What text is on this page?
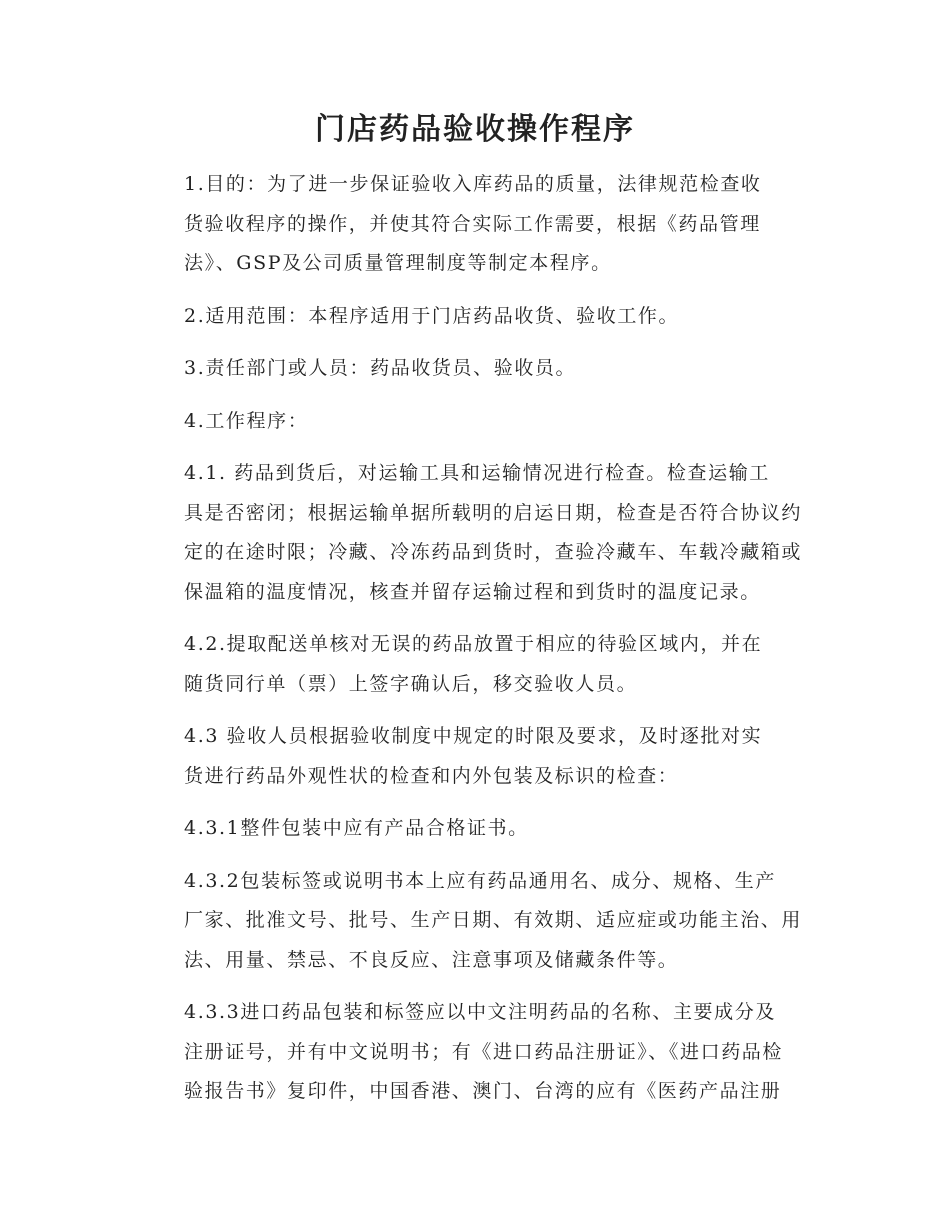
门店药品验收操作程序

1.目的：为了进一步保证验收入库药品的质量，法律规范检查收
货验收程序的操作，并使其符合实际工作需要，根据《药品管理
法》、GSP及公司质量管理制度等制定本程序。

2.适用范围：本程序适用于门店药品收货、验收工作。

3.责任部门或人员：药品收货员、验收员。

4.工作程序：

4.1. 药品到货后，对运输工具和运输情况进行检查。检查运输工
具是否密闭；根据运输单据所载明的启运日期，检查是否符合协议约
定的在途时限；冷藏、冷冻药品到货时，查验冷藏车、车载冷藏箱或
保温箱的温度情况，核查并留存运输过程和到货时的温度记录。

4.2.提取配送单核对无误的药品放置于相应的待验区域内，并在
随货同行单（票）上签字确认后，移交验收人员。

4.3 验收人员根据验收制度中规定的时限及要求，及时逐批对实
货进行药品外观性状的检查和内外包装及标识的检查：

4.3.1整件包装中应有产品合格证书。

4.3.2包装标签或说明书本上应有药品通用名、成分、规格、生产
厂家、批准文号、批号、生产日期、有效期、适应症或功能主治、用
法、用量、禁忌、不良反应、注意事项及储藏条件等。

4.3.3进口药品包装和标签应以中文注明药品的名称、主要成分及
注册证号，并有中文说明书；有《进口药品注册证》、《进口药品检
验报告书》复印件，中国香港、澳门、台湾的应有《医药产品注册
